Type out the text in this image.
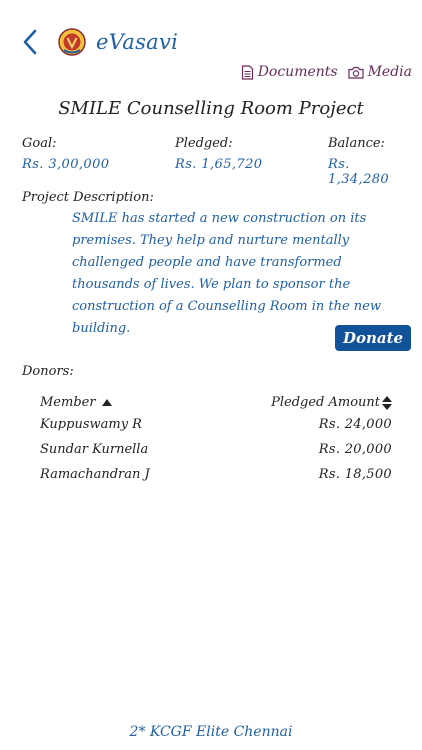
eVasavi
Documents Media
SMILE Counselling Room Project
Goal:
Rs. 3,00,000
Pledged:
Rs. 1,65,720
Balance:
Rs. 1,34,280
Project Description:
SMILE has started a new construction on its premises. They help and nurture mentally challenged people and have transformed thousands of lives. We plan to sponsor the construction of a Counselling Room in the new building.
Donate
Donors:
Member	Pledged Amount
Kuppuswamy R	Rs. 24,000
Sundar Kurnella	Rs. 20,000
Ramachandran J	Rs. 18,500
2* KCGF Elite Chennai
